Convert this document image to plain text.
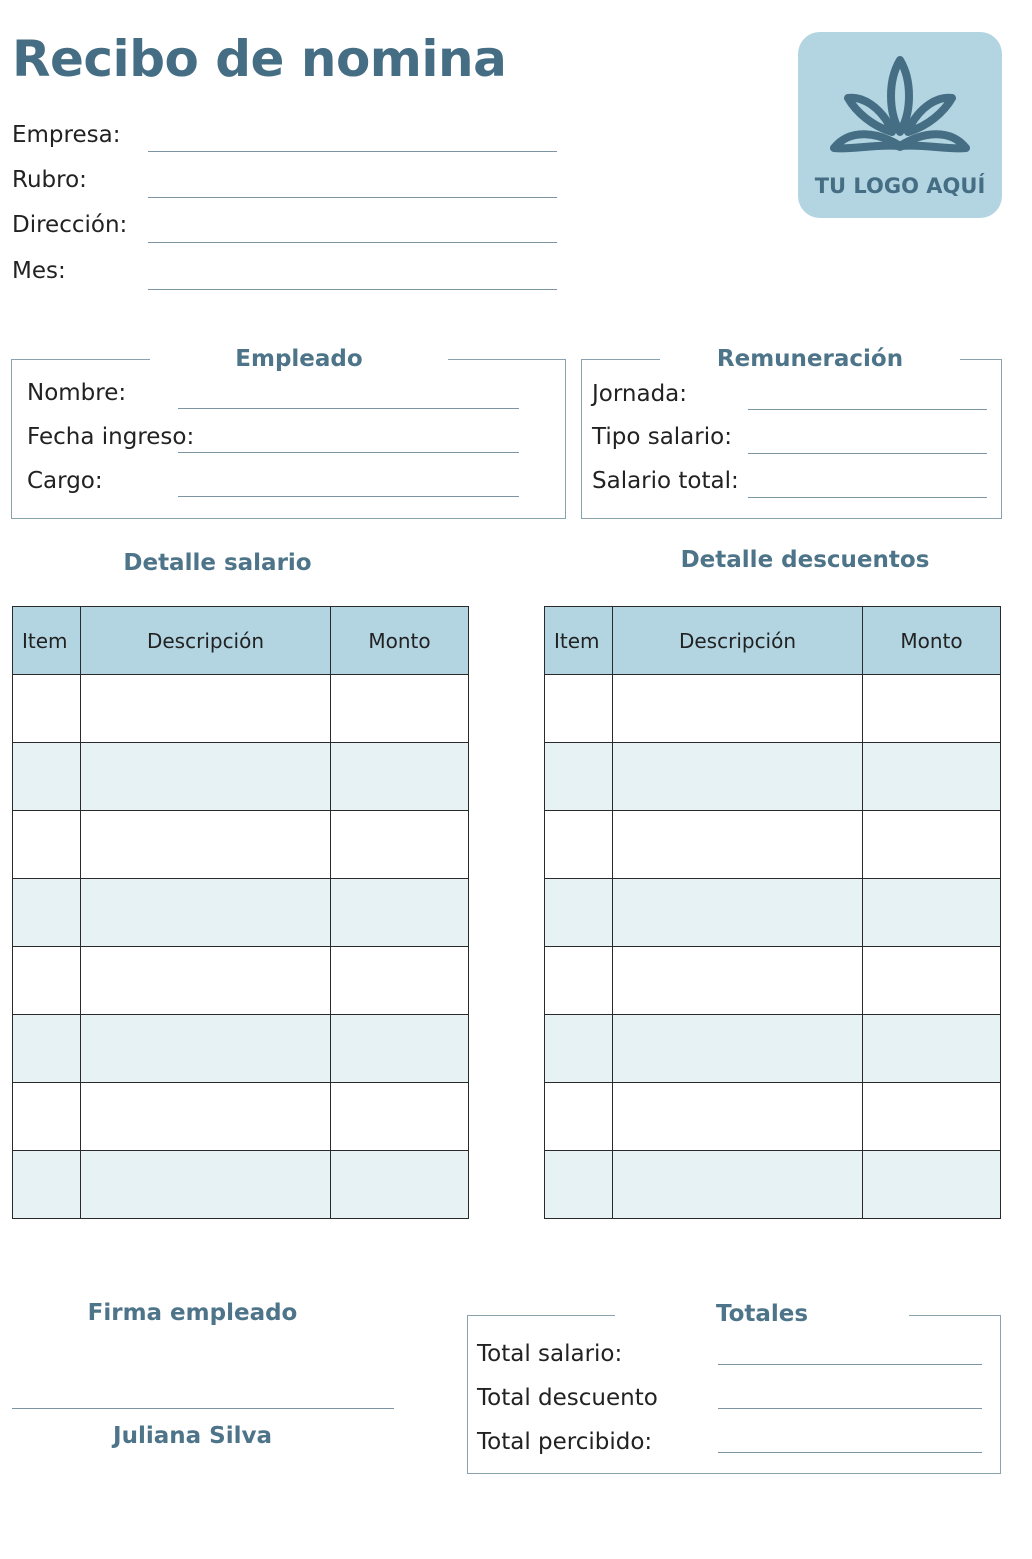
Recibo de nomina
Empresa:
Rubro:
Dirección:
Mes:
TU LOGO AQUÍ
Empleado
Nombre:
Fecha ingreso:
Cargo:
Remuneración
Jornada:
Tipo salario:
Salario total:
Detalle salario	Detalle descuentos
Item	Descripción	Monto

			Item	Descripción	Monto

Firma empleado
Juliana Silva
Totales
Total salario:
Total descuento
Total percibido:
